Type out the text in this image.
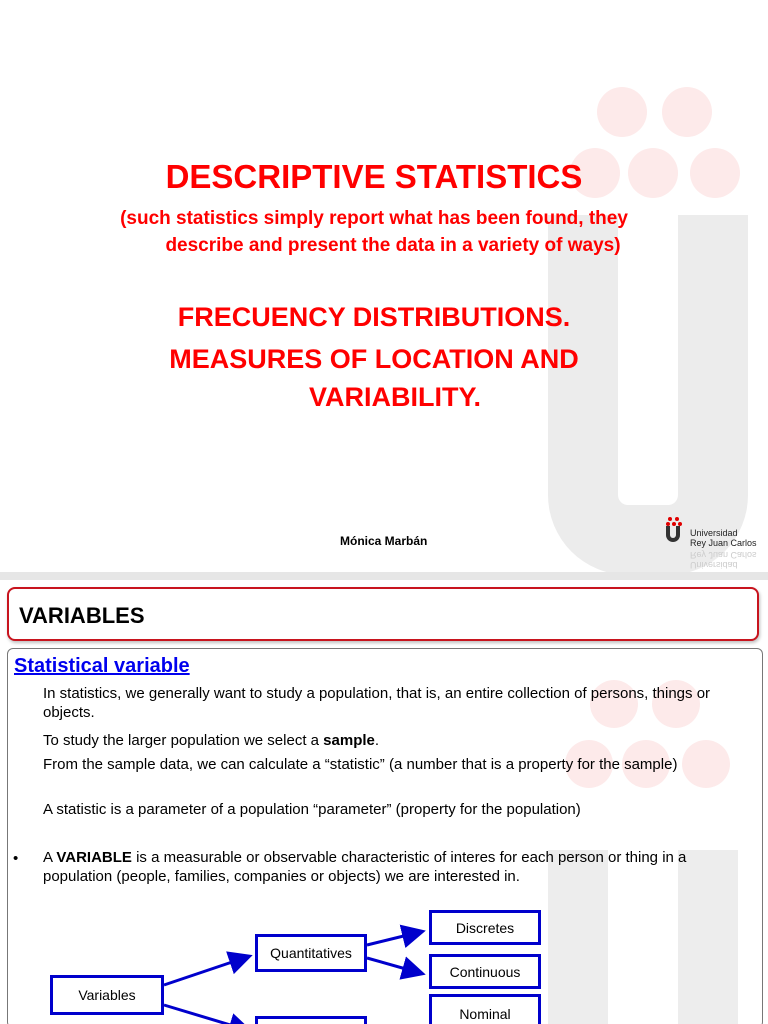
DESCRIPTIVE STATISTICS
(such statistics simply report what has been found, they
describe and present the data in a variety of ways)
FRECUENCY DISTRIBUTIONS.
MEASURES OF LOCATION AND
VARIABILITY.
Mónica Marbán
Universidad
Rey Juan Carlos
Universidad
Rey Juan Carlos
VARIABLES
Statistical variable
In statistics, we generally want to study a population, that is, an entire collection of persons, things or objects.
To study the larger population we select a sample.
From the sample data, we can calculate a “statistic” (a number that is a property for the sample)
A statistic is a parameter of a population “parameter” (property for the population)
• A VARIABLE is a measurable or observable characteristic of interes for each person or thing in a population (people, families, companies or objects) we are interested in.
Variables
Quantitatives
Discretes
Continuous
Nominal
